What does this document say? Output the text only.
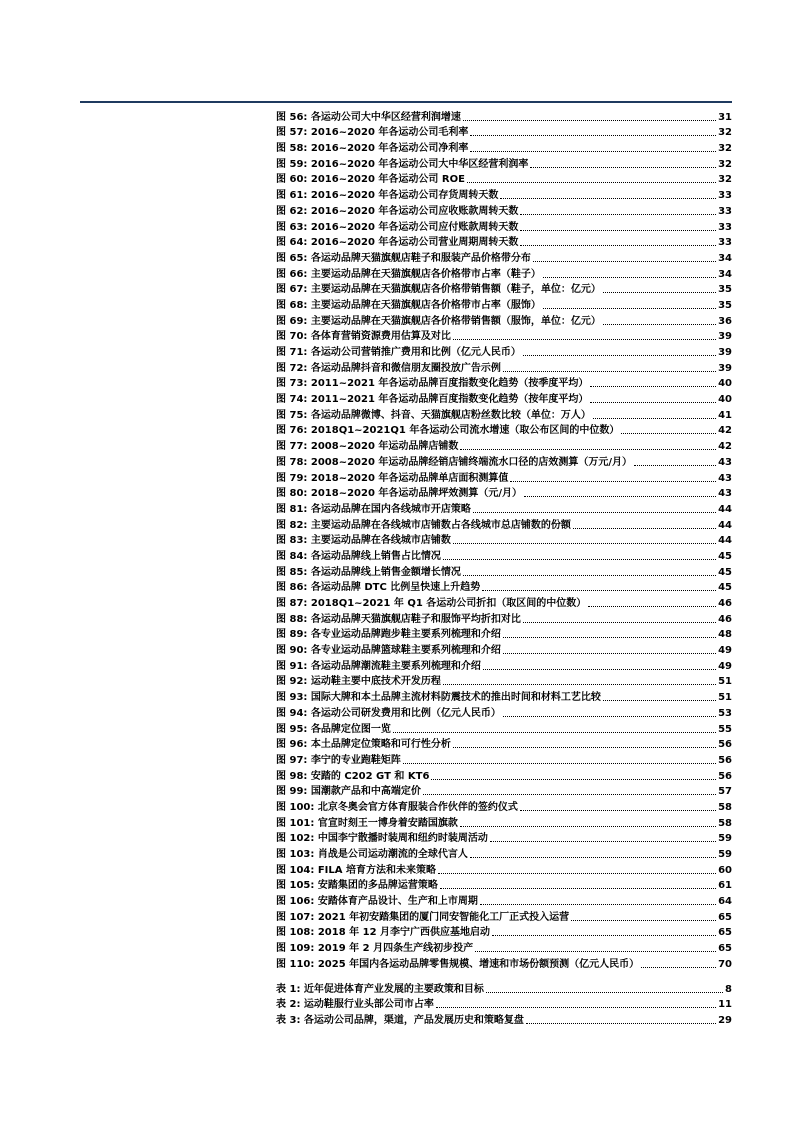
图 56: 各运动公司大中华区经营利润增速	31
图 57: 2016~2020 年各运动公司毛利率	32
图 58: 2016~2020 年各运动公司净利率	32
图 59: 2016~2020 年各运动公司大中华区经营利润率	32
图 60: 2016~2020 年各运动公司 ROE	32
图 61: 2016~2020 年各运动公司存货周转天数	33
图 62: 2016~2020 年各运动公司应收账款周转天数	33
图 63: 2016~2020 年各运动公司应付账款周转天数	33
图 64: 2016~2020 年各运动公司营业周期周转天数	33
图 65: 各运动品牌天猫旗舰店鞋子和服装产品价格带分布	34
图 66: 主要运动品牌在天猫旗舰店各价格带市占率（鞋子）	34
图 67: 主要运动品牌在天猫旗舰店各价格带销售额（鞋子，单位：亿元）	35
图 68: 主要运动品牌在天猫旗舰店各价格带市占率（服饰）	35
图 69: 主要运动品牌在天猫旗舰店各价格带销售额（服饰，单位：亿元）	36
图 70: 各体育营销资源费用估算及对比	39
图 71: 各运动公司营销推广费用和比例（亿元人民币）	39
图 72: 各运动品牌抖音和微信朋友圈投放广告示例	39
图 73: 2011~2021 年各运动品牌百度指数变化趋势（按季度平均）	40
图 74: 2011~2021 年各运动品牌百度指数变化趋势（按年度平均）	40
图 75: 各运动品牌微博、抖音、天猫旗舰店粉丝数比较（单位：万人）	41
图 76: 2018Q1~2021Q1 年各运动公司流水增速（取公布区间的中位数）	42
图 77: 2008~2020 年运动品牌店铺数	42
图 78: 2008~2020 年运动品牌经销店铺终端流水口径的店效测算（万元/月）	43
图 79: 2018~2020 年各运动品牌单店面积测算值	43
图 80: 2018~2020 年各运动品牌坪效测算（元/月）	43
图 81: 各运动品牌在国内各线城市开店策略	44
图 82: 主要运动品牌在各线城市店铺数占各线城市总店铺数的份额	44
图 83: 主要运动品牌在各线城市店铺数	44
图 84: 各运动品牌线上销售占比情况	45
图 85: 各运动品牌线上销售金额增长情况	45
图 86: 各运动品牌 DTC 比例呈快速上升趋势	45
图 87: 2018Q1~2021 年 Q1 各运动公司折扣（取区间的中位数）	46
图 88: 各运动品牌天猫旗舰店鞋子和服饰平均折扣对比	46
图 89: 各专业运动品牌跑步鞋主要系列梳理和介绍	48
图 90: 各专业运动品牌篮球鞋主要系列梳理和介绍	49
图 91: 各运动品牌潮流鞋主要系列梳理和介绍	49
图 92: 运动鞋主要中底技术开发历程	51
图 93: 国际大牌和本土品牌主流材料防震技术的推出时间和材料工艺比较	51
图 94: 各运动公司研发费用和比例（亿元人民币）	53
图 95: 各品牌定位图一览	55
图 96: 本土品牌定位策略和可行性分析	56
图 97: 李宁的专业跑鞋矩阵	56
图 98: 安踏的 C202 GT 和 KT6	56
图 99: 国潮款产品和中高端定价	57
图 100: 北京冬奥会官方体育服装合作伙伴的签约仪式	58
图 101: 官宣时刻王一博身着安踏国旗款	58
图 102: 中国李宁散播时装周和纽约时装周活动	59
图 103: 肖战是公司运动潮流的全球代言人	59
图 104: FILA 培育方法和未来策略	60
图 105: 安踏集团的多品牌运营策略	61
图 106: 安踏体育产品设计、生产和上市周期	64
图 107: 2021 年初安踏集团的厦门同安智能化工厂正式投入运营	65
图 108: 2018 年 12 月李宁广西供应基地启动	65
图 109: 2019 年 2 月四条生产线初步投产	65
图 110: 2025 年国内各运动品牌零售规模、增速和市场份额预测（亿元人民币）	70
表 1: 近年促进体育产业发展的主要政策和目标	8
表 2: 运动鞋服行业头部公司市占率	11
表 3: 各运动公司品牌，渠道，产品发展历史和策略复盘	29
